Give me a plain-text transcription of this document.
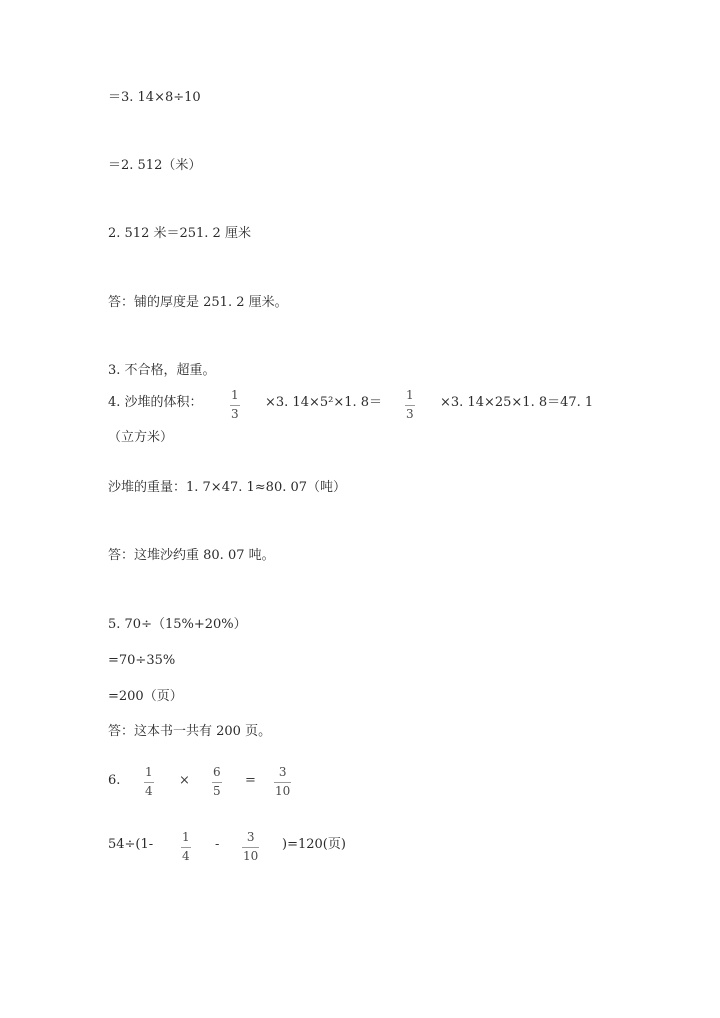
＝3. 14×8÷10
＝2. 512（米）
2. 512 米＝251. 2 厘米
答：铺的厚度是 251. 2 厘米。
3. 不合格，超重。
4. 沙堆的体积： 1
3
×3. 14×5²×1. 8＝ 1
3
×3. 14×25×1. 8＝47. 1
（立方米）
沙堆的重量：1. 7×47. 1≈80. 07（吨）
答：这堆沙约重 80. 07 吨。
5. 70÷（15%+20%）
=70÷35%
=200（页）
答：这本书一共有 200 页。
6.
1
4
×
6
5
=
3
10
54÷(1- 1
4
- 3
10
)=120(页)
